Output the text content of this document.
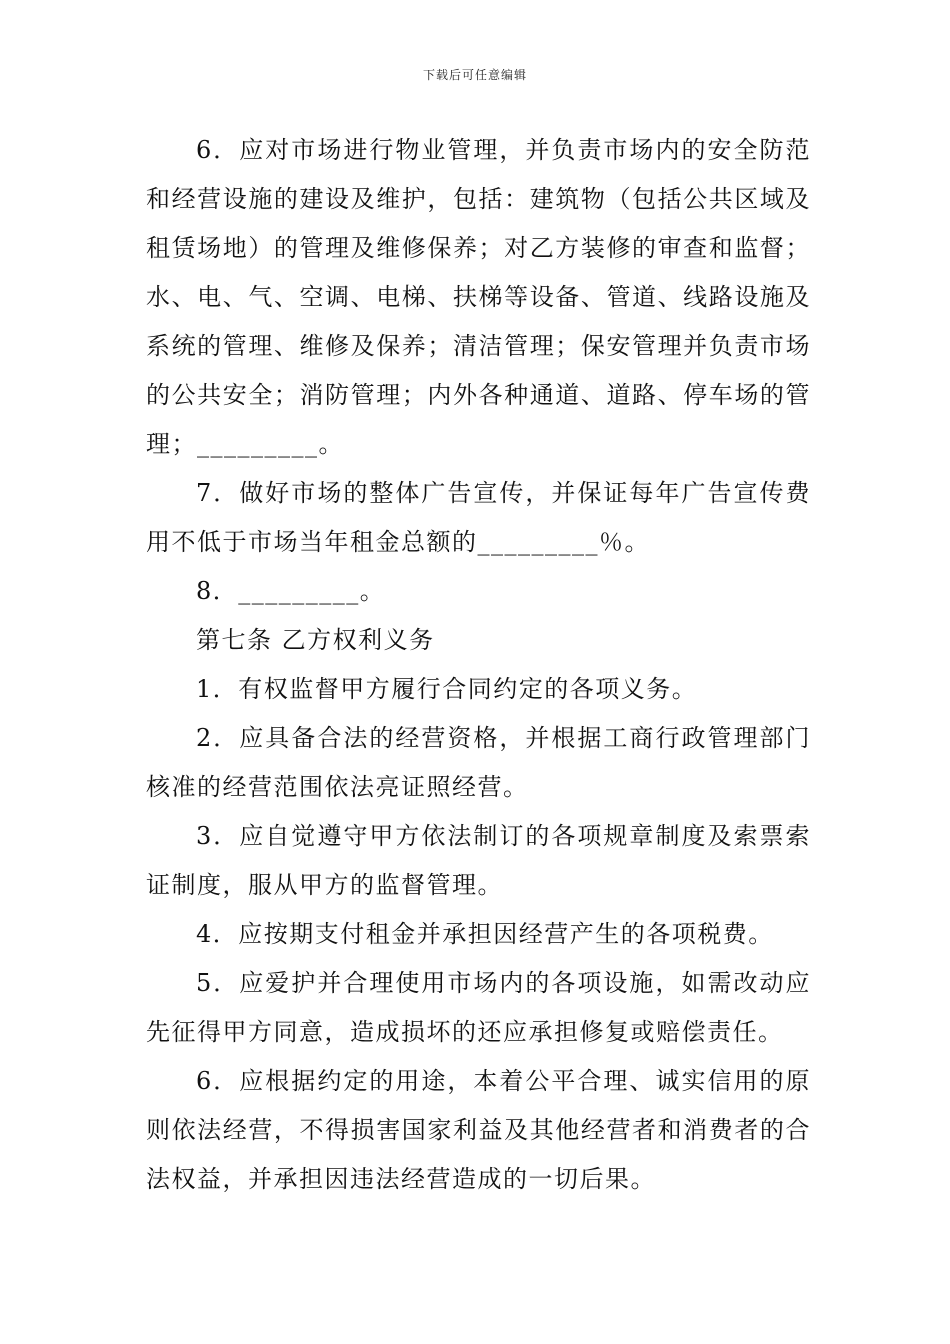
下载后可任意编辑

6．应对市场进行物业管理，并负责市场内的安全防范和经营设施的建设及维护，包括：建筑物（包括公共区域及租赁场地）的管理及维修保养；对乙方装修的审查和监督；水、电、气、空调、电梯、扶梯等设备、管道、线路设施及系统的管理、维修及保养；清洁管理；保安管理并负责市场的公共安全；消防管理；内外各种通道、道路、停车场的管理；_________。

7．做好市场的整体广告宣传，并保证每年广告宣传费用不低于市场当年租金总额的_________％。

8．_________。

第七条 乙方权利义务

1．有权监督甲方履行合同约定的各项义务。

2．应具备合法的经营资格，并根据工商行政管理部门核准的经营范围依法亮证照经营。

3．应自觉遵守甲方依法制订的各项规章制度及索票索证制度，服从甲方的监督管理。

4．应按期支付租金并承担因经营产生的各项税费。

5．应爱护并合理使用市场内的各项设施，如需改动应先征得甲方同意，造成损坏的还应承担修复或赔偿责任。

6．应根据约定的用途，本着公平合理、诚实信用的原则依法经营，不得损害国家利益及其他经营者和消费者的合法权益，并承担因违法经营造成的一切后果。
